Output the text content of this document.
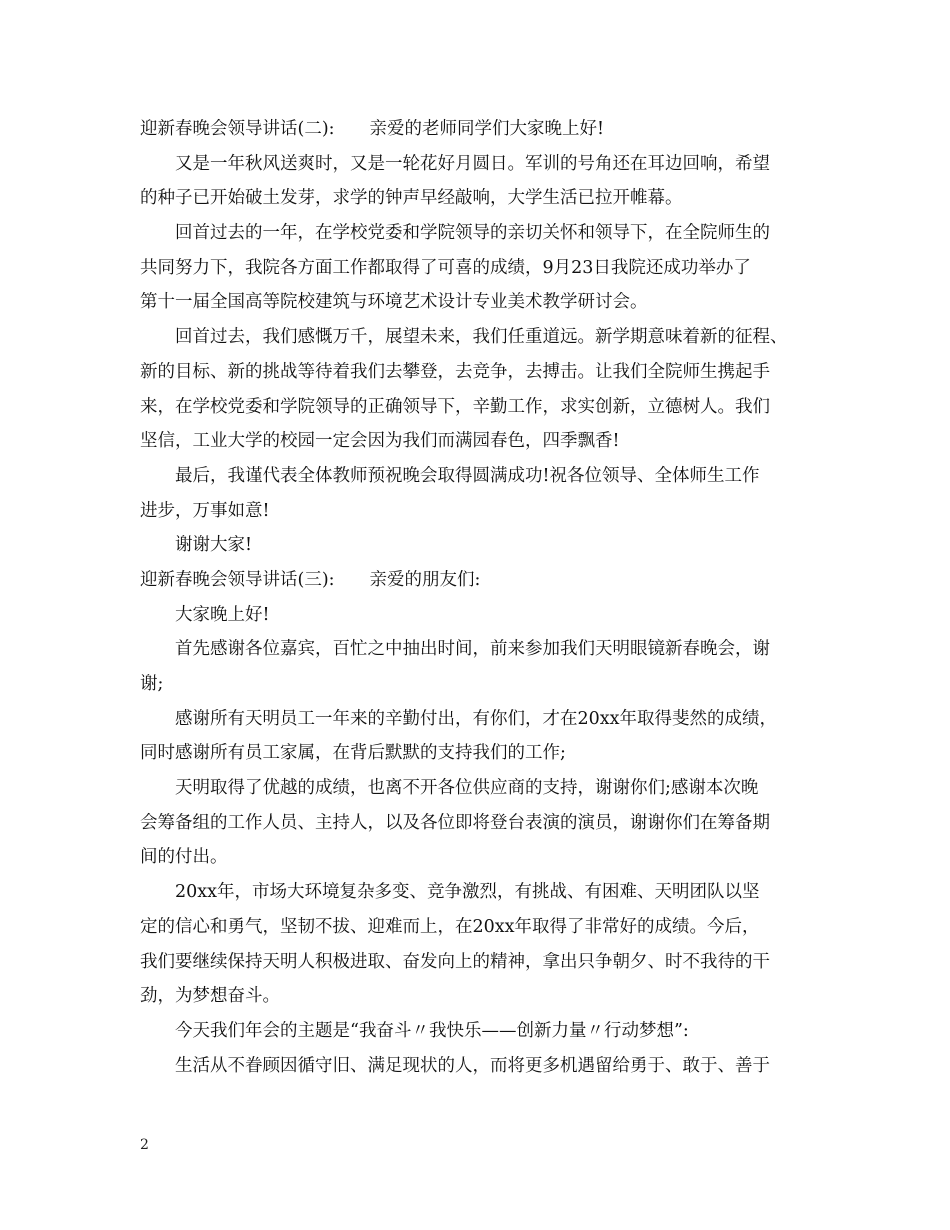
迎新春晚会领导讲话(二):　　亲爱的老师同学们大家晚上好!
又是一年秋风送爽时，又是一轮花好月圆日。军训的号角还在耳边回响，希望
的种子已开始破土发芽，求学的钟声早经敲响，大学生活已拉开帷幕。
回首过去的一年，在学校党委和学院领导的亲切关怀和领导下，在全院师生的
共同努力下，我院各方面工作都取得了可喜的成绩，9月23日我院还成功举办了
第十一届全国高等院校建筑与环境艺术设计专业美术教学研讨会。
回首过去，我们感慨万千，展望未来，我们任重道远。新学期意味着新的征程、
新的目标、新的挑战等待着我们去攀登，去竞争，去搏击。让我们全院师生携起手
来，在学校党委和学院领导的正确领导下，辛勤工作，求实创新，立德树人。我们
坚信，工业大学的校园一定会因为我们而满园春色，四季飘香!
最后，我谨代表全体教师预祝晚会取得圆满成功!祝各位领导、全体师生工作
进步，万事如意!
谢谢大家!
迎新春晚会领导讲话(三):　　亲爱的朋友们:
大家晚上好!
首先感谢各位嘉宾，百忙之中抽出时间，前来参加我们天明眼镜新春晚会，谢
谢;
感谢所有天明员工一年来的辛勤付出，有你们，才在20xx年取得斐然的成绩，
同时感谢所有员工家属，在背后默默的支持我们的工作;
天明取得了优越的成绩，也离不开各位供应商的支持，谢谢你们;感谢本次晚
会筹备组的工作人员、主持人，以及各位即将登台表演的演员，谢谢你们在筹备期
间的付出。
20xx年，市场大环境复杂多变、竞争激烈，有挑战、有困难、天明团队以坚
定的信心和勇气，坚韧不拔、迎难而上，在20xx年取得了非常好的成绩。今后，
我们要继续保持天明人积极进取、奋发向上的精神，拿出只争朝夕、时不我待的干
劲，为梦想奋斗。
今天我们年会的主题是“我奋斗〃我快乐——创新力量〃行动梦想”:
生活从不眷顾因循守旧、满足现状的人，而将更多机遇留给勇于、敢于、善于
2
